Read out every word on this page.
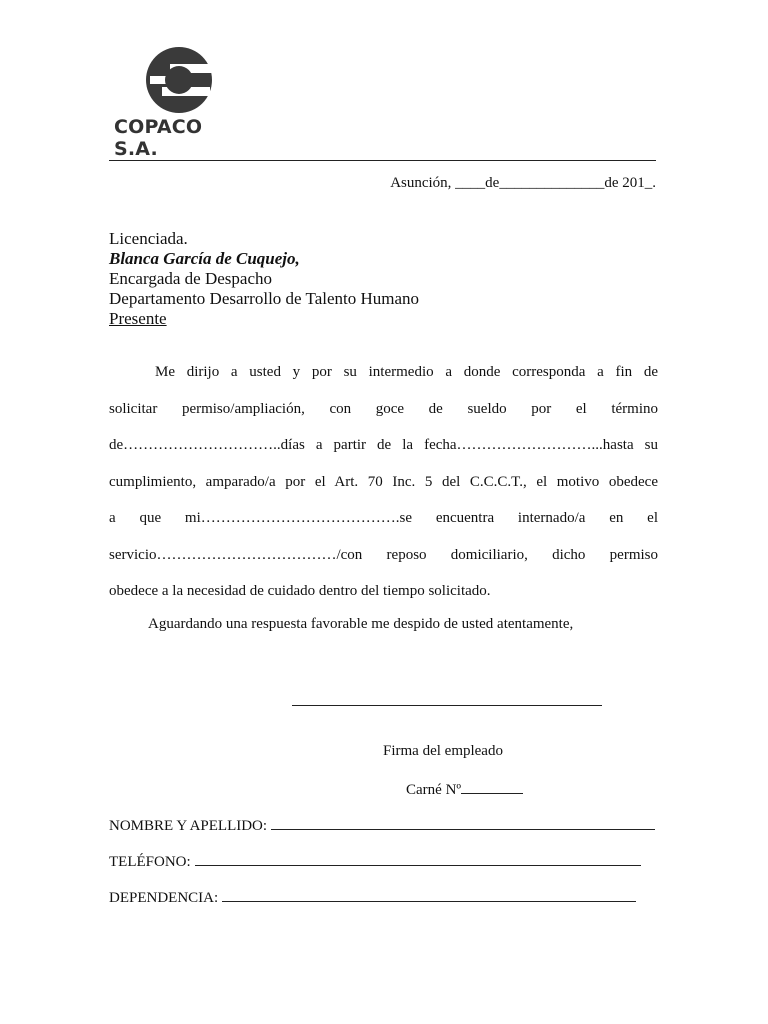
COPACO S.A.
Asunción, ____de______________de 201_.
Licenciada.
Blanca García de Cuquejo,
Encargada de Despacho
Departamento Desarrollo de Talento Humano
Presente
Me dirijo a usted y por su intermedio a donde corresponda a fin de
solicitar permiso/ampliación, con goce de sueldo por el término
de…………………………..días a partir de la fecha………………………...hasta su
cumplimiento, amparado/a por el Art. 70 Inc. 5 del C.C.C.T., el motivo obedece
a que mi………………………………….se encuentra internado/a en el
servicio………………………………/con reposo domiciliario, dicho permiso
obedece a la necesidad de cuidado dentro del tiempo solicitado.
Aguardando una respuesta favorable me despido de usted atentamente,
Firma del empleado
Carné Nº
NOMBRE Y APELLIDO:
TELÉFONO:
DEPENDENCIA:
